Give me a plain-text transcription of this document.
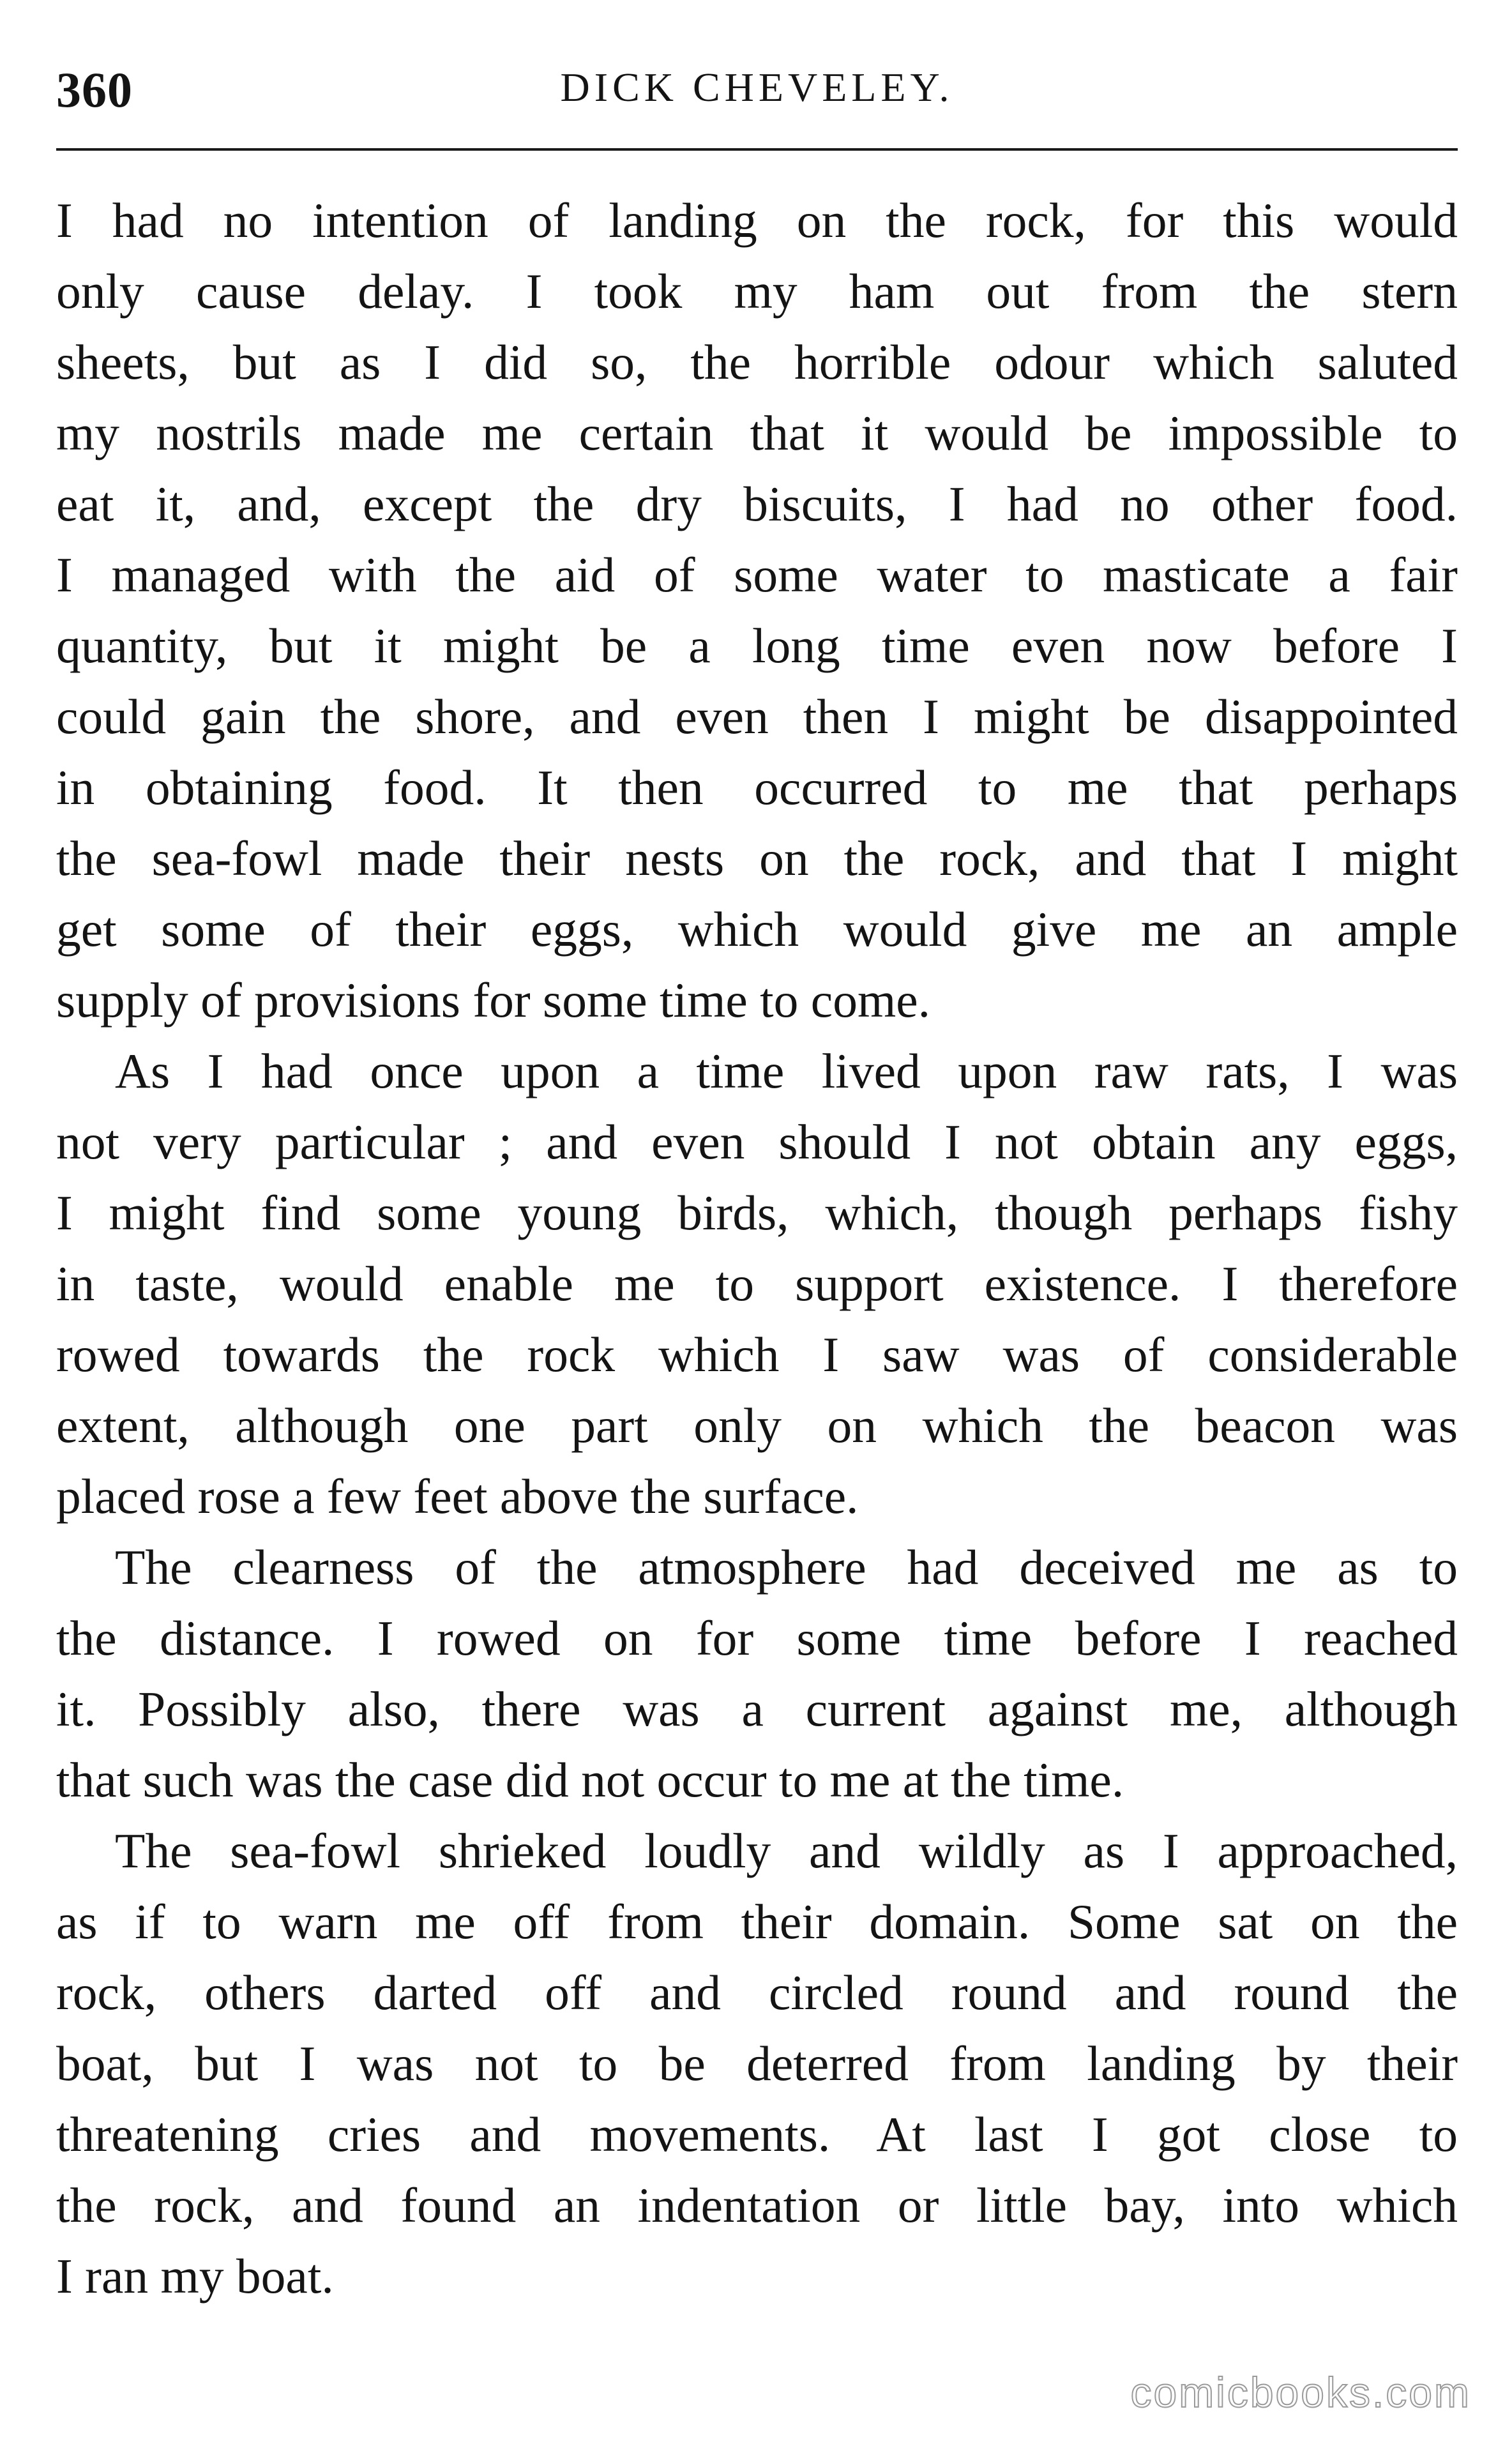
360	DICK CHEVELEY.
I had no intention of landing on the rock, for this would
only cause delay. I took my ham out from the stern
sheets, but as I did so, the horrible odour which saluted
my nostrils made me certain that it would be impossible to
eat it, and, except the dry biscuits, I had no other food.
I managed with the aid of some water to masticate a fair
quantity, but it might be a long time even now before I
could gain the shore, and even then I might be disappointed
in obtaining food. It then occurred to me that perhaps
the sea-fowl made their nests on the rock, and that I might
get some of their eggs, which would give me an ample
supply of provisions for some time to come.
As I had once upon a time lived upon raw rats, I was
not very particular ; and even should I not obtain any eggs,
I might find some young birds, which, though perhaps fishy
in taste, would enable me to support existence. I therefore
rowed towards the rock which I saw was of considerable
extent, although one part only on which the beacon was
placed rose a few feet above the surface.
The clearness of the atmosphere had deceived me as to
the distance. I rowed on for some time before I reached
it. Possibly also, there was a current against me, although
that such was the case did not occur to me at the time.
The sea-fowl shrieked loudly and wildly as I approached,
as if to warn me off from their domain. Some sat on the
rock, others darted off and circled round and round the
boat, but I was not to be deterred from landing by their
threatening cries and movements. At last I got close to
the rock, and found an indentation or little bay, into which
I ran my boat.
comicbooks.com
